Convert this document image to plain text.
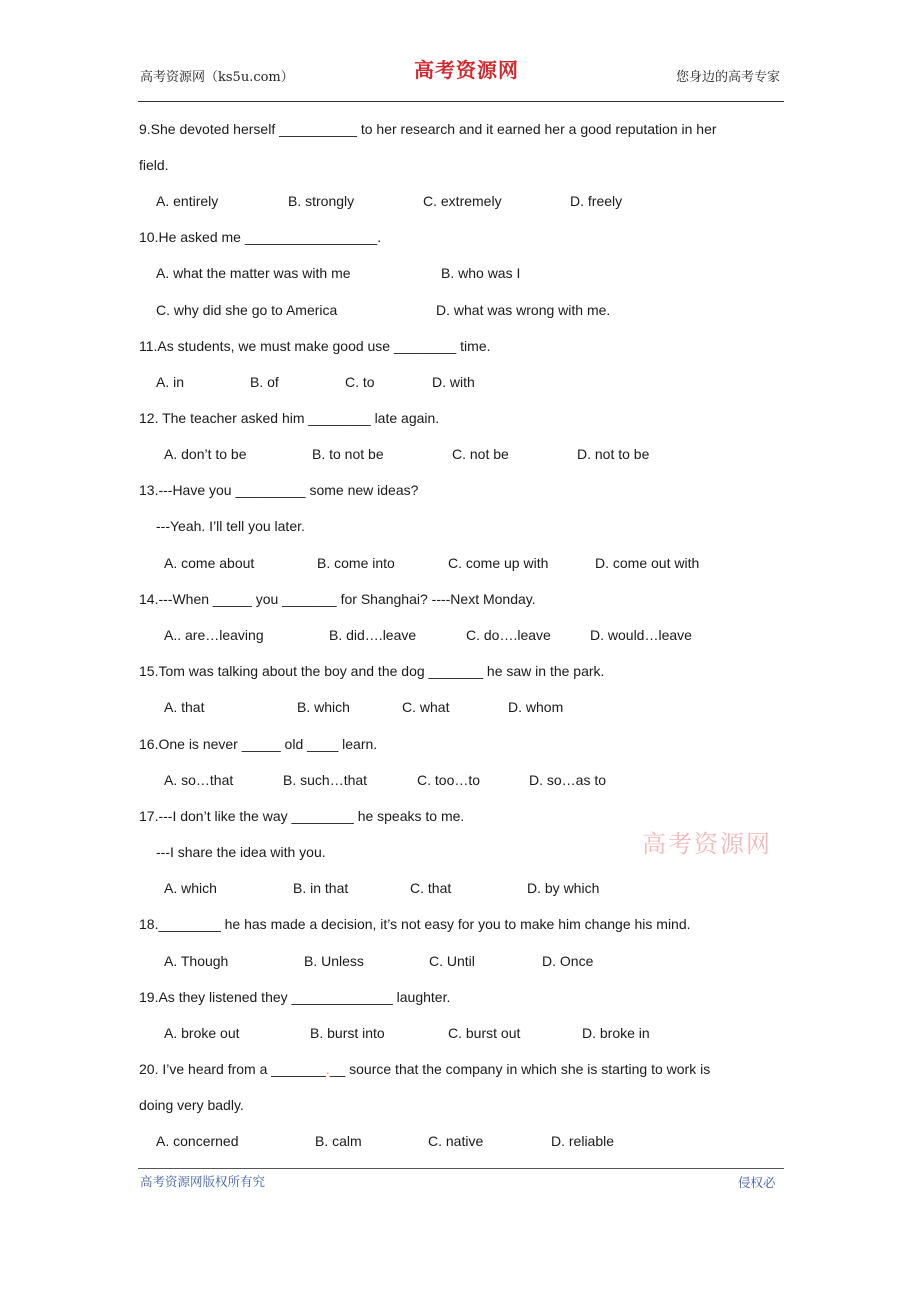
高考资源网（ks5u.com）	高考资源网	您身边的高考专家
9.She devoted herself __________ to her research and it earned her a good reputation in her
field.
A. entirely	B. strongly	C. extremely	D. freely
10.He asked me _________________.
A. what the matter was with me	B. who was I
C. why did she go to America	D. what was wrong with me.
11.As students, we must make good use ________ time.
A. in	B. of	C. to	D. with
12. The teacher asked him ________ late again.
A. don’t to be	B. to not be	C. not be	D. not to be
13.---Have you _________ some new ideas?
---Yeah. I’ll tell you later.
A. come about	B. come into	C. come up with	D. come out with
14.---When _____ you _______ for Shanghai? ----Next Monday.
A.. are…leaving	B. did….leave	C. do….leave	D. would…leave
15.Tom was talking about the boy and the dog _______ he saw in the park.
A. that	B. which	C. what	D. whom
16.One is never _____ old ____ learn.
A. so…that	B. such…that	C. too…to	D. so…as to
17.---I don’t like the way ________ he speaks to me.
---I share the idea with you.
A. which	B. in that	C. that	D. by which
高考资源网
18.________ he has made a decision, it’s not easy for you to make him change his mind.
A. Though	B. Unless	C. Until	D. Once
19.As they listened they _____________ laughter.
A. broke out	B. burst into	C. burst out	D. broke in
20. I’ve heard from a _______.__ source that the company in which she is starting to work is
doing very badly.
A. concerned	B. calm	C. native	D. reliable
高考资源网版权所有究	侵权必
